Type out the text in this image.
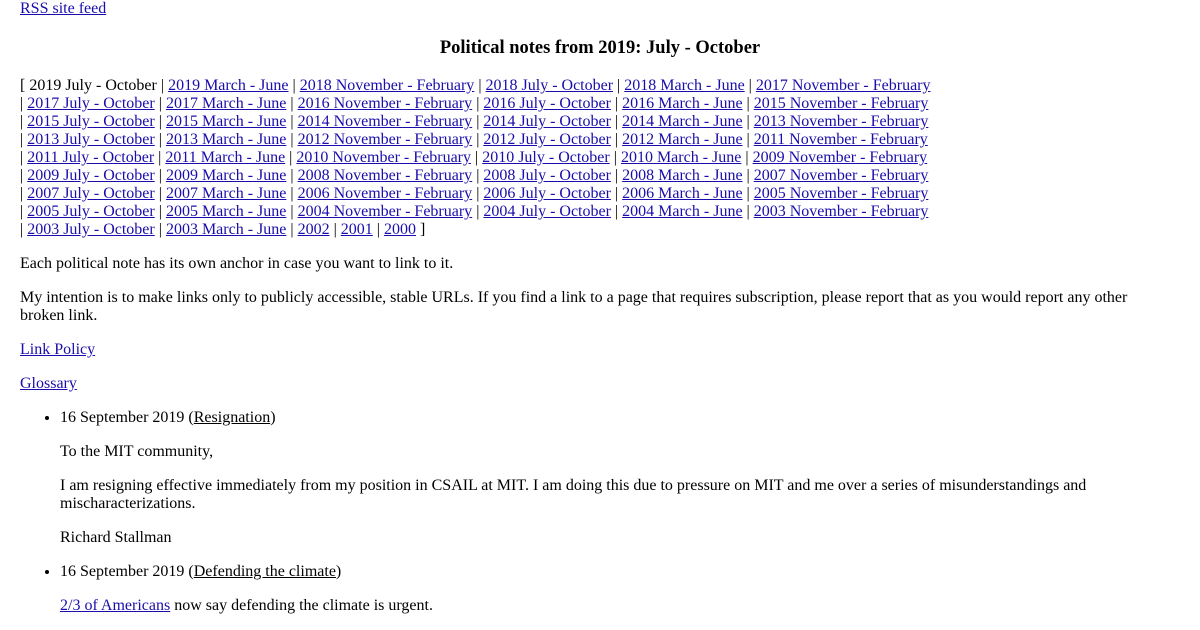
RSS site feed
Political notes from 2019: July - October
[ 2019 July - October | 2019 March - June | 2018 November - February | 2018 July - October | 2018 March - June | 2017 November - February
| 2017 July - October | 2017 March - June | 2016 November - February | 2016 July - October | 2016 March - June | 2015 November - February
| 2015 July - October | 2015 March - June | 2014 November - February | 2014 July - October | 2014 March - June | 2013 November - February
| 2013 July - October | 2013 March - June | 2012 November - February | 2012 July - October | 2012 March - June | 2011 November - February
| 2011 July - October | 2011 March - June | 2010 November - February | 2010 July - October | 2010 March - June | 2009 November - February
| 2009 July - October | 2009 March - June | 2008 November - February | 2008 July - October | 2008 March - June | 2007 November - February
| 2007 July - October | 2007 March - June | 2006 November - February | 2006 July - October | 2006 March - June | 2005 November - February
| 2005 July - October | 2005 March - June | 2004 November - February | 2004 July - October | 2004 March - June | 2003 November - February
| 2003 July - October | 2003 March - June | 2002 | 2001 | 2000 ]

Each political note has its own anchor in case you want to link to it.

My intention is to make links only to publicly accessible, stable URLs. If you find a link to a page that requires subscription, please report that as you would report any other broken link.

Link Policy
Glossary
• 16 September 2019 (Resignation)

To the MIT community,

I am resigning effective immediately from my position in CSAIL at MIT. I am doing this due to pressure on MIT and me over a series of misunderstandings and mischaracterizations.

Richard Stallman

• 16 September 2019 (Defending the climate)

2/3 of Americans now say defending the climate is urgent.
